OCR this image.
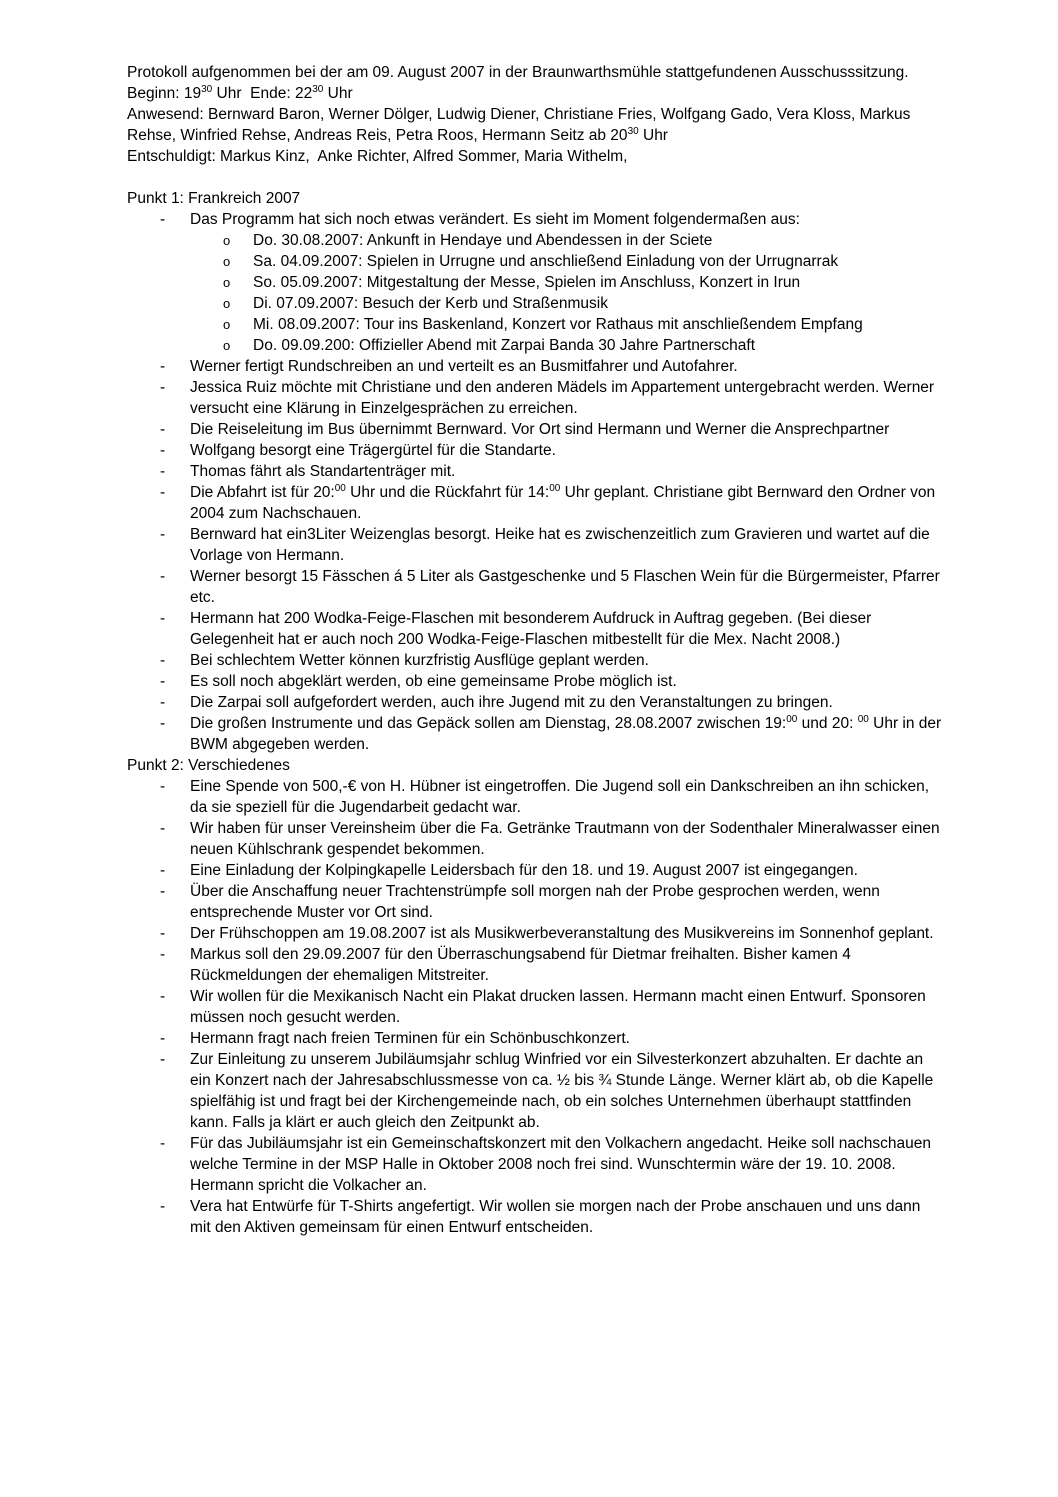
Protokoll aufgenommen bei der am 09. August 2007 in der Braunwarthsmühle stattgefundenen Ausschusssitzung.

Beginn: $19^{30}$ Uhr  Ende: $22^{30}$ Uhr

Anwesend: Bernward Baron, Werner Dölger, Ludwig Diener, Christiane Fries, Wolfgang Gado, Vera Kloss, Markus Rehse, Winfried Rehse, Andreas Reis, Petra Roos, Hermann Seitz ab $20^{30}$ Uhr

Entschuldigt: Markus Kinz,  Anke Richter, Alfred Sommer, Maria Withelm,

Punkt 1: Frankreich 2007

- Das Programm hat sich noch etwas verändert. Es sieht im Moment folgendermaßen aus:
o Do. 30.08.2007: Ankunft in Hendaye und Abendessen in der Sciete
o Sa. 04.09.2007: Spielen in Urrugne und anschließend Einladung von der Urrugnarrak
o So. 05.09.2007: Mitgestaltung der Messe, Spielen im Anschluss, Konzert in Irun
o Di. 07.09.2007: Besuch der Kerb und Straßenmusik
o Mi. 08.09.2007: Tour ins Baskenland, Konzert vor Rathaus mit anschließendem Empfang
o Do. 09.09.200: Offizieller Abend mit Zarpai Banda 30 Jahre Partnerschaft
- Werner fertigt Rundschreiben an und verteilt es an Busmitfahrer und Autofahrer.
- Jessica Ruiz möchte mit Christiane und den anderen Mädels im Appartement untergebracht werden. Werner versucht eine Klärung in Einzelgesprächen zu erreichen.
- Die Reiseleitung im Bus übernimmt Bernward. Vor Ort sind Hermann und Werner die Ansprechpartner
- Wolfgang besorgt eine Trägergürtel für die Standarte.
- Thomas fährt als Standartenträger mit.
- Die Abfahrt ist für 20:$^{00}$ Uhr und die Rückfahrt für 14:$^{00}$ Uhr geplant. Christiane gibt Bernward den Ordner von 2004 zum Nachschauen.
- Bernward hat ein3Liter Weizenglas besorgt. Heike hat es zwischenzeitlich zum Gravieren und wartet auf die Vorlage von Hermann.
- Werner besorgt 15 Fässchen á 5 Liter als Gastgeschenke und 5 Flaschen Wein für die Bürgermeister, Pfarrer etc.
- Hermann hat 200 Wodka-Feige-Flaschen mit besonderem Aufdruck in Auftrag gegeben. (Bei dieser Gelegenheit hat er auch noch 200 Wodka-Feige-Flaschen mitbestellt für die Mex. Nacht 2008.)
- Bei schlechtem Wetter können kurzfristig Ausflüge geplant werden.
- Es soll noch abgeklärt werden, ob eine gemeinsame Probe möglich ist.
- Die Zarpai soll aufgefordert werden, auch ihre Jugend mit zu den Veranstaltungen zu bringen.
- Die großen Instrumente und das Gepäck sollen am Dienstag, 28.08.2007 zwischen 19:$^{00}$ und 20: $^{00}$ Uhr in der BWM abgegeben werden.

Punkt 2: Verschiedenes

- Eine Spende von 500,-€ von H. Hübner ist eingetroffen. Die Jugend soll ein Dankschreiben an ihn schicken, da sie speziell für die Jugendarbeit gedacht war.
- Wir haben für unser Vereinsheim über die Fa. Getränke Trautmann von der Sodenthaler Mineralwasser einen neuen Kühlschrank gespendet bekommen.
- Eine Einladung der Kolpingkapelle Leidersbach für den 18. und 19. August 2007 ist eingegangen.
- Über die Anschaffung neuer Trachtenstrümpfe soll morgen nah der Probe gesprochen werden, wenn entsprechende Muster vor Ort sind.
- Der Frühschoppen am 19.08.2007 ist als Musikwerbeveranstaltung des Musikvereins im Sonnenhof geplant.
- Markus soll den 29.09.2007 für den Überraschungsabend für Dietmar freihalten. Bisher kamen 4 Rückmeldungen der ehemaligen Mitstreiter.
- Wir wollen für die Mexikanisch Nacht ein Plakat drucken lassen. Hermann macht einen Entwurf. Sponsoren müssen noch gesucht werden.
- Hermann fragt nach freien Terminen für ein Schönbuschkonzert.
- Zur Einleitung zu unserem Jubiläumsjahr schlug Winfried vor ein Silvesterkonzert abzuhalten. Er dachte an ein Konzert nach der Jahresabschlussmesse von ca. ½ bis ¾ Stunde Länge. Werner klärt ab, ob die Kapelle spielfähig ist und fragt bei der Kirchengemeinde nach, ob ein solches Unternehmen überhaupt stattfinden kann. Falls ja klärt er auch gleich den Zeitpunkt ab.
- Für das Jubiläumsjahr ist ein Gemeinschaftskonzert mit den Volkachern angedacht. Heike soll nachschauen welche Termine in der MSP Halle in Oktober 2008 noch frei sind. Wunschtermin wäre der 19. 10. 2008. Hermann spricht die Volkacher an.
- Vera hat Entwürfe für T-Shirts angefertigt. Wir wollen sie morgen nach der Probe anschauen und uns dann mit den Aktiven gemeinsam für einen Entwurf entscheiden.
